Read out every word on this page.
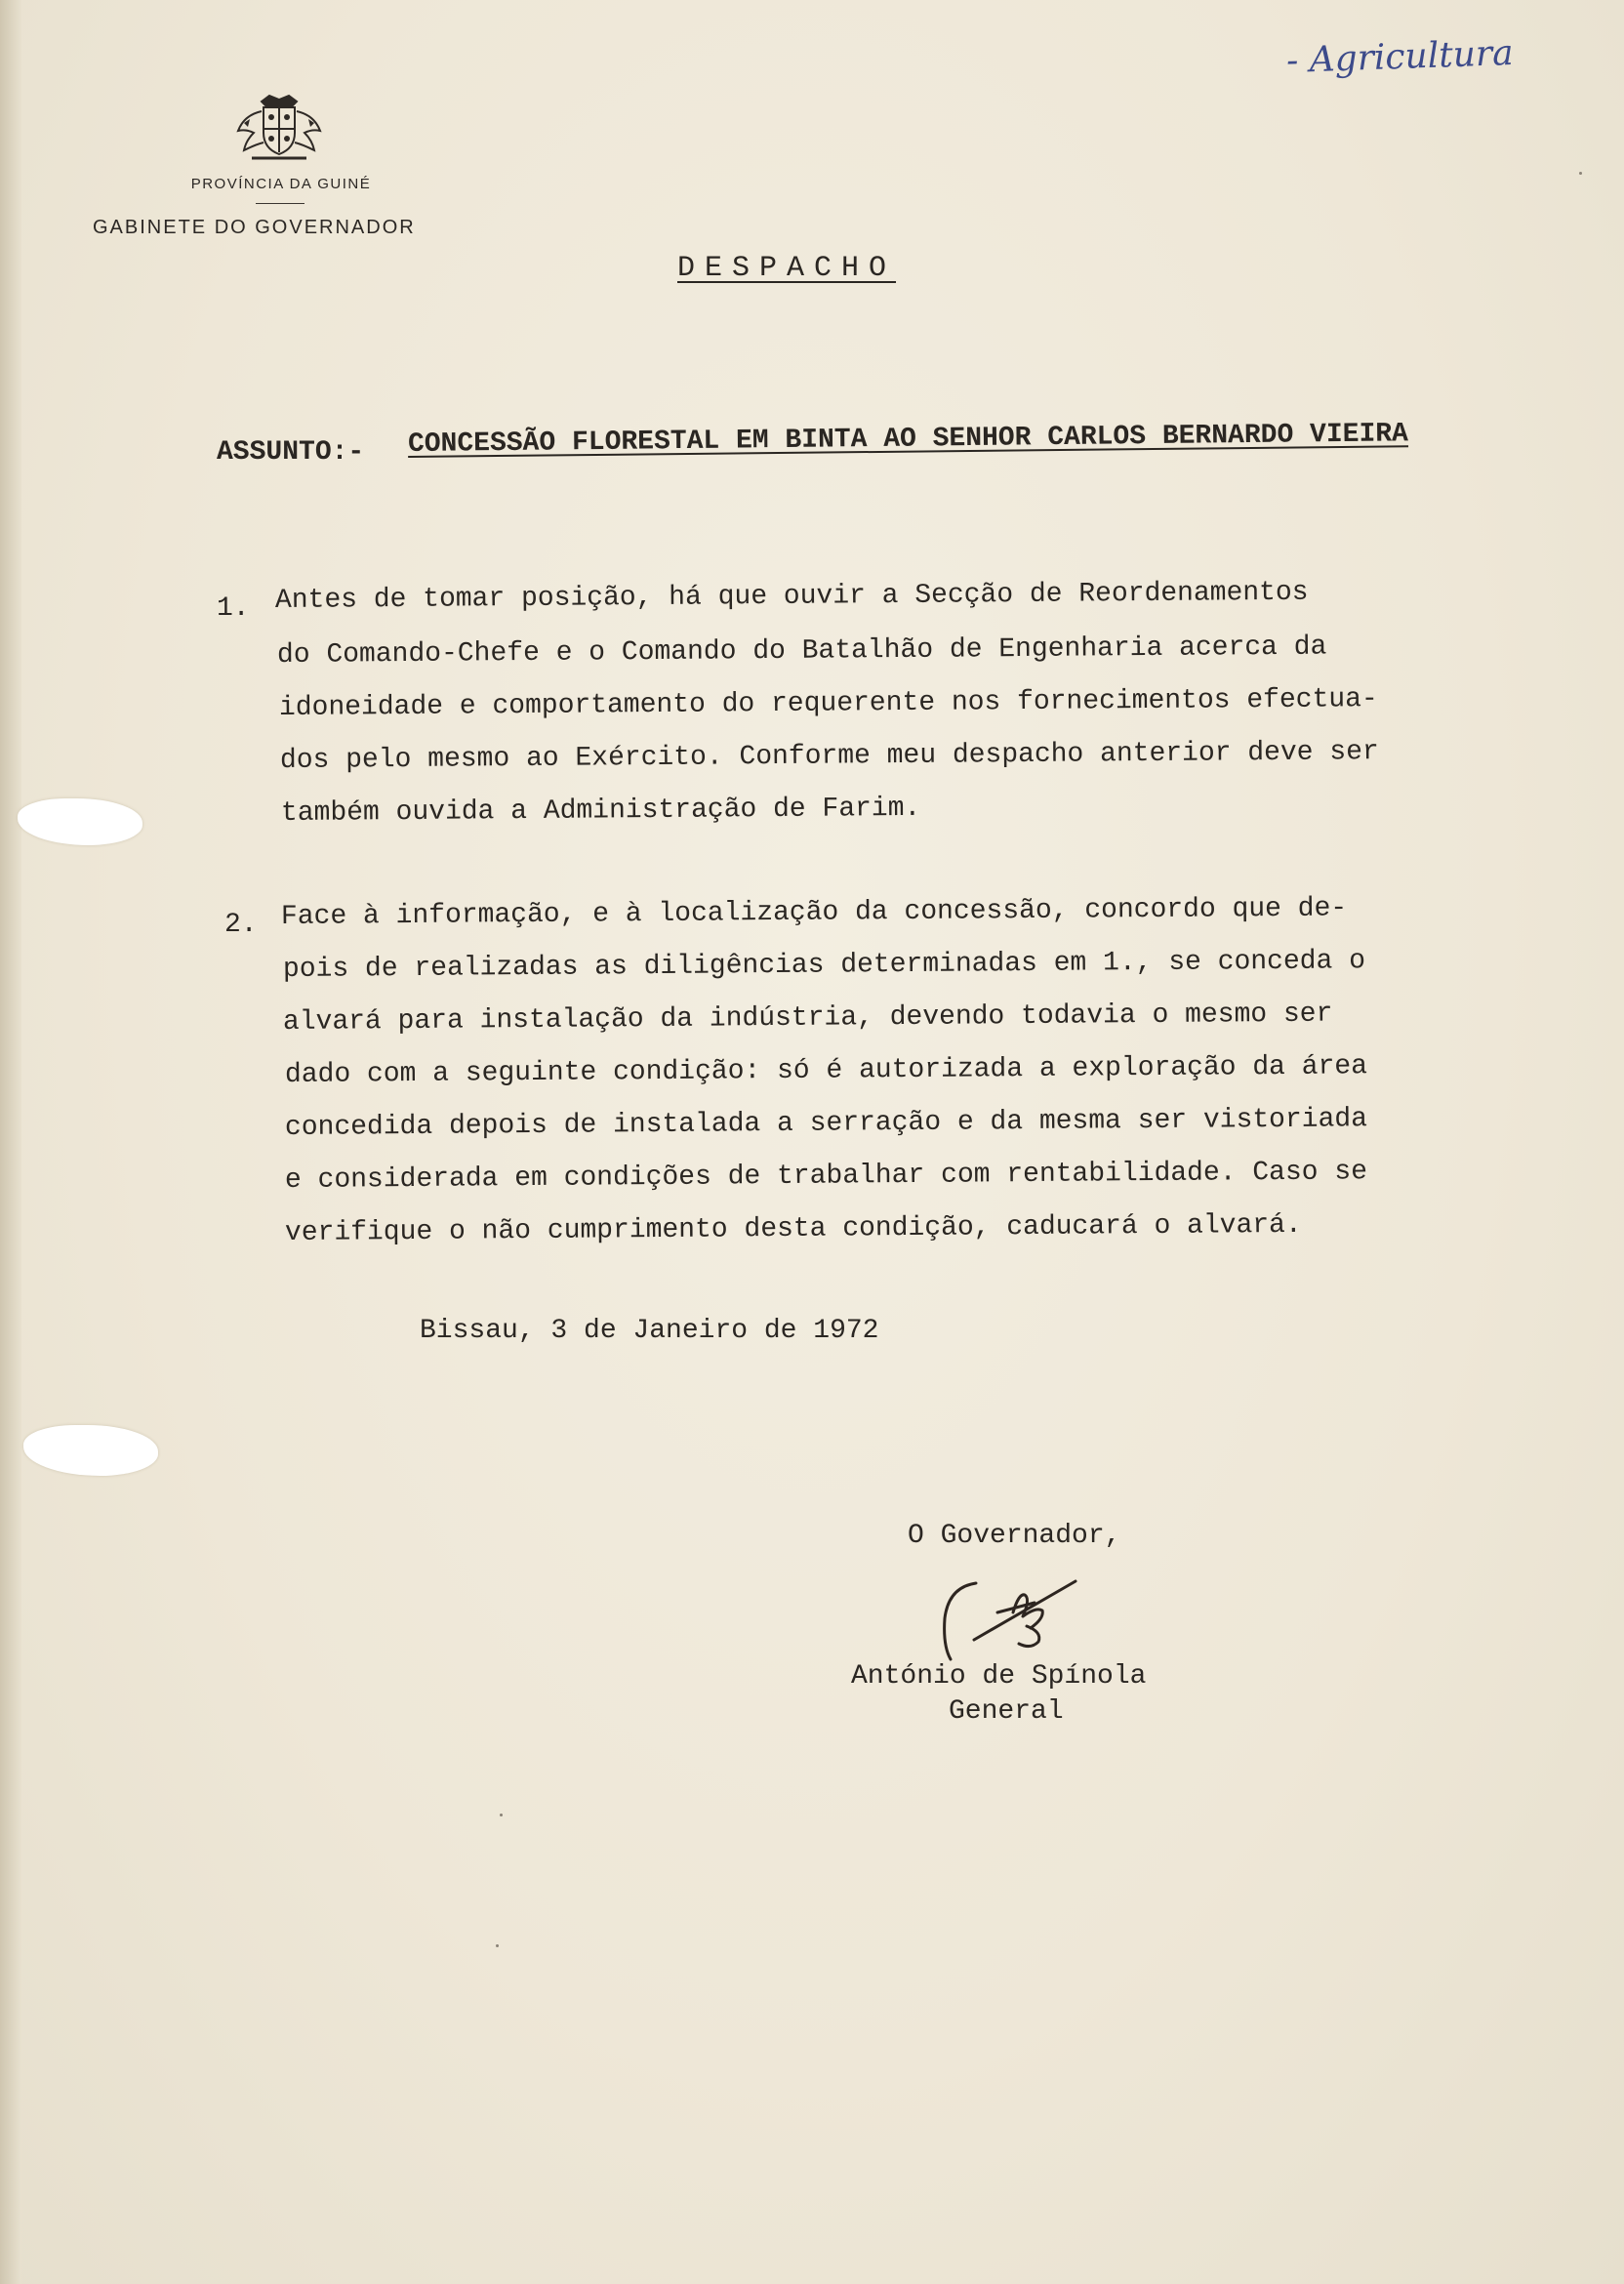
- Agricultura
PROVÍNCIA DA GUINÉ
GABINETE DO GOVERNADOR
DESPACHO
ASSUNTO:- CONCESSÃO FLORESTAL EM BINTA AO SENHOR CARLOS BERNARDO VIEIRA
1. Antes de tomar posição, há que ouvir a Secção de Reordenamentos
do Comando-Chefe e o Comando do Batalhão de Engenharia acerca da
idoneidade e comportamento do requerente nos fornecimentos efectua-
dos pelo mesmo ao Exército. Conforme meu despacho anterior deve ser
também ouvida a Administração de Farim.
2. Face à informação, e à localização da concessão, concordo que de-
pois de realizadas as diligências determinadas em 1., se conceda o
alvará para instalação da indústria, devendo todavia o mesmo ser
dado com a seguinte condição: só é autorizada a exploração da área
concedida depois de instalada a serração e da mesma ser vistoriada
e considerada em condições de trabalhar com rentabilidade. Caso se
verifique o não cumprimento desta condição, caducará o alvará.
Bissau, 3 de Janeiro de 1972
O Governador,
António de Spínola
General
